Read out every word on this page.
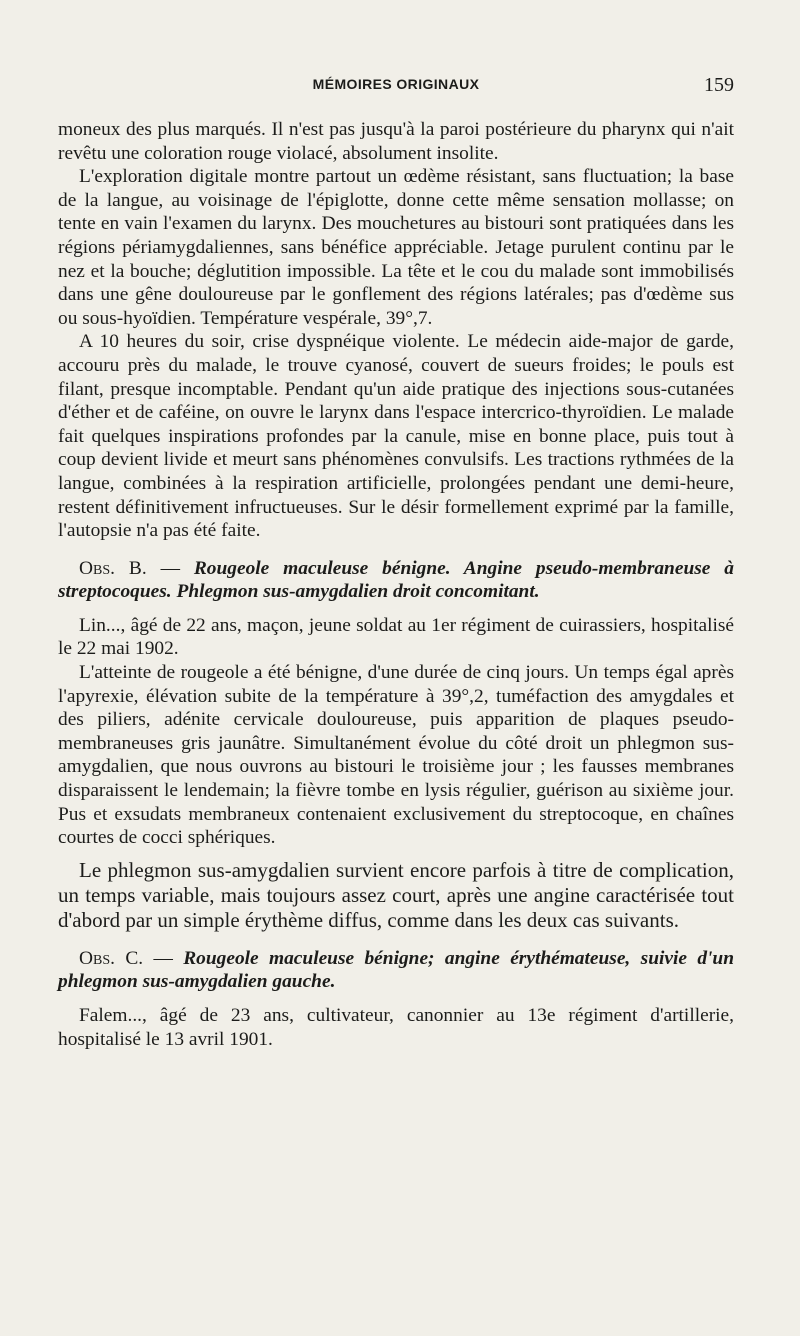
MÉMOIRES ORIGINAUX	159

moneux des plus marqués. Il n'est pas jusqu'à la paroi postérieure du pharynx qui n'ait revêtu une coloration rouge violacé, absolument insolite.

L'exploration digitale montre partout un œdème résistant, sans fluctuation; la base de la langue, au voisinage de l'épiglotte, donne cette même sensation mollasse; on tente en vain l'examen du larynx. Des mouchetures au bistouri sont pratiquées dans les régions périamygdaliennes, sans bénéfice appréciable. Jetage purulent continu par le nez et la bouche; déglutition impossible. La tête et le cou du malade sont immobilisés dans une gêne douloureuse par le gonflement des régions latérales; pas d'œdème sus ou sous-hyoïdien. Température vespérale, 39°,7.

A 10 heures du soir, crise dyspnéique violente. Le médecin aide-major de garde, accouru près du malade, le trouve cyanosé, couvert de sueurs froides; le pouls est filant, presque incomptable. Pendant qu'un aide pratique des injections sous-cutanées d'éther et de caféine, on ouvre le larynx dans l'espace intercrico-thyroïdien. Le malade fait quelques inspirations profondes par la canule, mise en bonne place, puis tout à coup devient livide et meurt sans phénomènes convulsifs. Les tractions rythmées de la langue, combinées à la respiration artificielle, prolongées pendant une demi-heure, restent définitivement infructueuses. Sur le désir formellement exprimé par la famille, l'autopsie n'a pas été faite.

Obs. B. — Rougeole maculeuse bénigne. Angine pseudo-membraneuse à streptocoques. Phlegmon sus-amygdalien droit concomitant.

Lin..., âgé de 22 ans, maçon, jeune soldat au 1er régiment de cuirassiers, hospitalisé le 22 mai 1902.

L'atteinte de rougeole a été bénigne, d'une durée de cinq jours. Un temps égal après l'apyrexie, élévation subite de la température à 39°,2, tuméfaction des amygdales et des piliers, adénite cervicale douloureuse, puis apparition de plaques pseudo-membraneuses gris jaunâtre. Simultanément évolue du côté droit un phlegmon sus-amygdalien, que nous ouvrons au bistouri le troisième jour ; les fausses membranes disparaissent le lendemain; la fièvre tombe en lysis régulier, guérison au sixième jour. Pus et exsudats membraneux contenaient exclusivement du streptocoque, en chaînes courtes de cocci sphériques.

Le phlegmon sus-amygdalien survient encore parfois à titre de complication, un temps variable, mais toujours assez court, après une angine caractérisée tout d'abord par un simple érythème diffus, comme dans les deux cas suivants.

Obs. C. — Rougeole maculeuse bénigne; angine érythémateuse, suivie d'un phlegmon sus-amygdalien gauche.

Falem..., âgé de 23 ans, cultivateur, canonnier au 13e régiment d'artillerie, hospitalisé le 13 avril 1901.
